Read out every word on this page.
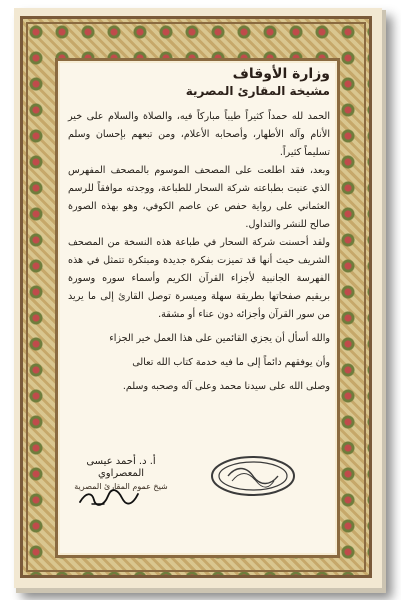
وزارة الأوقاف
مشيخة المقارئ المصرية

الحمد لله حمداً كثيراً طيباً مباركاً فيه، والصلاة والسلام على خير الأنام وآله الأطهار، وأصحابه الأعلام، ومن تبعهم بإحسان وسلم تسليماً كثيراً.

وبعد، فقد اطلعت على المصحف الموسوم بالمصحف المفهرس الذي عنيت بطباعته شركة السحار للطباعة، ووجدته موافقاً للرسم العثماني على رواية حفص عن عاصم الكوفي، وهو بهذه الصورة صالح للنشر والتداول.

ولقد أحسنت شركة السحار في طباعة هذه النسخة من المصحف الشريف حيث أنها قد تميزت بفكرة جديدة ومبتكرة تتمثل في هذه الفهرسة الجانبية لأجزاء القرآن الكريم وأسماء سوره وسورة بريقيم صفحاتها بطريقة سهلة وميسرة توصل القارئ إلى ما يريد من سور القرآن وأجزائه دون عناء أو مشقة.

والله أسأل أن يجزي القائمين على هذا العمل خير الجزاء

وأن يوفقهم دائماً إلى ما فيه خدمة كتاب الله تعالى

وصلى الله على سيدنا محمد وعلى آله وصحبه وسلم.

أ. د. أحمد عيسى المعصراوي

شيخ عموم المقارئ المصرية
